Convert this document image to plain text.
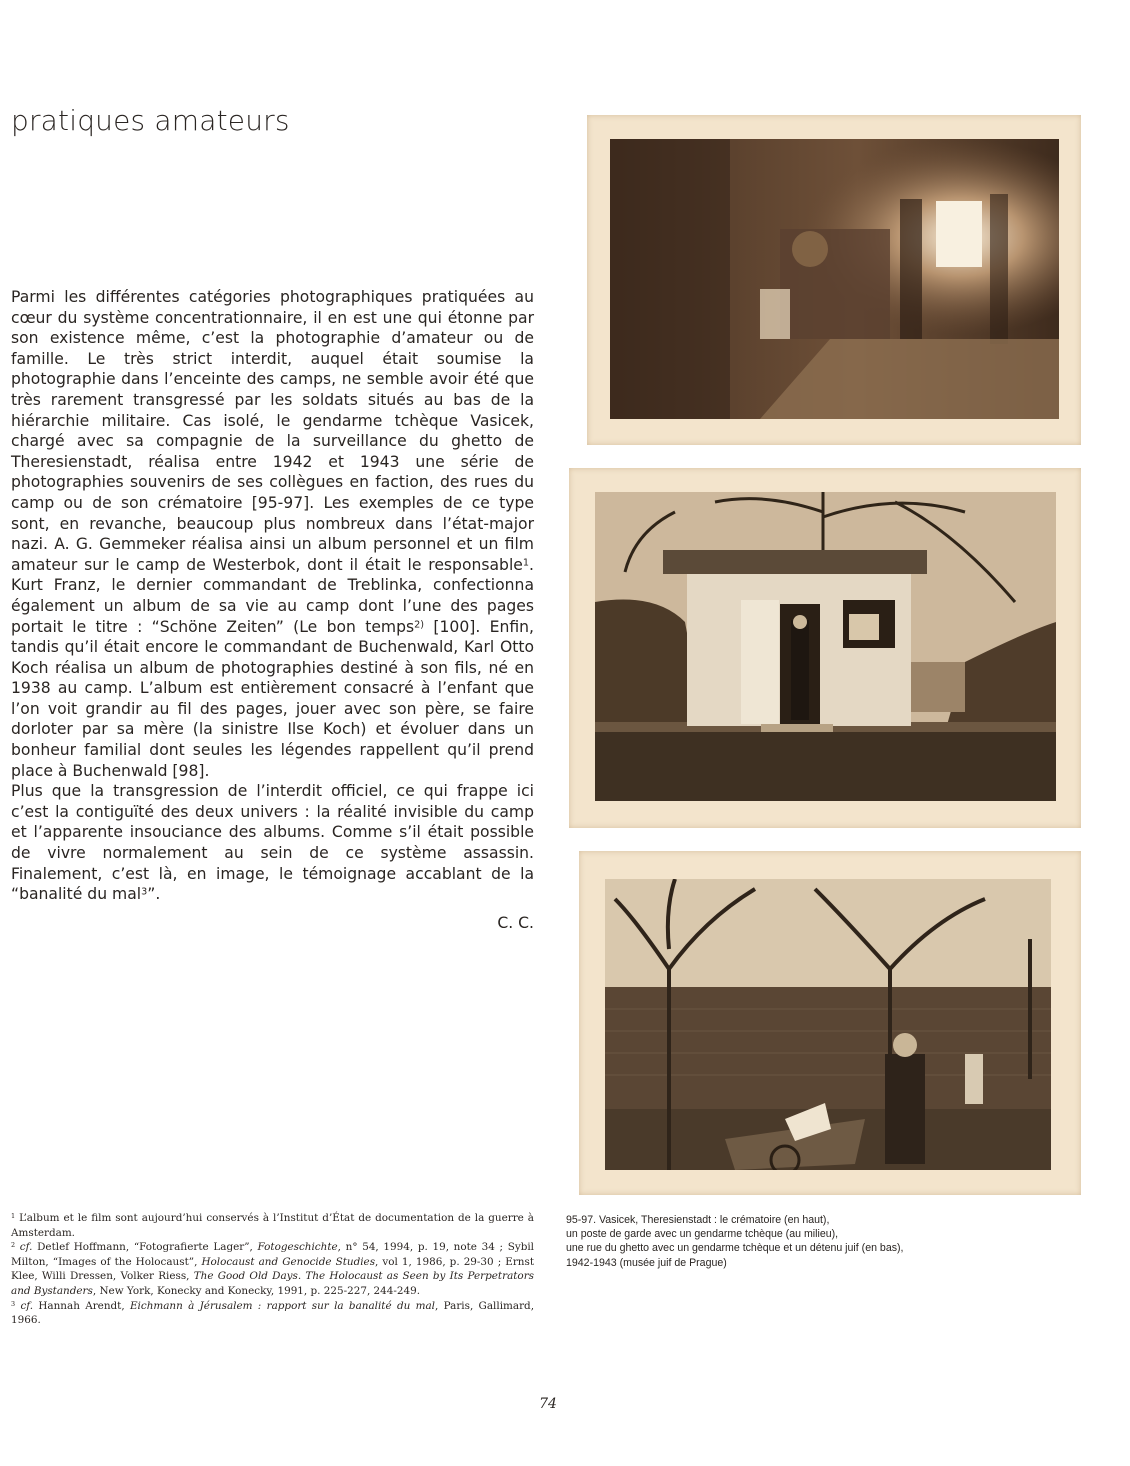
pratiques amateurs

Parmi les différentes catégories photographiques pratiquées au cœur du système concentrationnaire, il en est une qui étonne par son existence même, c’est la photographie d’amateur ou de famille. Le très strict interdit, auquel était soumise la photographie dans l’enceinte des camps, ne semble avoir été que très rarement transgressé par les soldats situés au bas de la hiérarchie militaire. Cas isolé, le gendarme tchèque Vasicek, chargé avec sa compagnie de la surveillance du ghetto de Theresienstadt, réalisa entre 1942 et 1943 une série de photographies souvenirs de ses collègues en faction, des rues du camp ou de son crématoire [95-97]. Les exemples de ce type sont, en revanche, beaucoup plus nombreux dans l’état-major nazi. A. G. Gemmeker réalisa ainsi un album personnel et un film amateur sur le camp de Westerbok, dont il était le responsable$^1$. Kurt Franz, le dernier commandant de Treblinka, confectionna également un album de sa vie au camp dont l’une des pages portait le titre : “Schöne Zeiten” (Le bon temps$^{2)}$ [100]. Enfin, tandis qu’il était encore le commandant de Buchenwald, Karl Otto Koch réalisa un album de photographies destiné à son fils, né en 1938 au camp. L’album est entièrement consacré à l’enfant que l’on voit grandir au fil des pages, jouer avec son père, se faire dorloter par sa mère (la sinistre Ilse Koch) et évoluer dans un bonheur familial dont seules les légendes rappellent qu’il prend place à Buchenwald [98].

Plus que la transgression de l’interdit officiel, ce qui frappe ici c’est la contiguïté des deux univers : la réalité invisible du camp et l’apparente insouciance des albums. Comme s’il était possible de vivre normalement au sein de ce système assassin. Finalement, c’est là, en image, le témoignage accablant de la “banalité du mal$^3$”.

C. C.

$^1$ L’album et le film sont aujourd’hui conservés à l’Institut d’État de documentation de la guerre à Amsterdam.

$^2$ cf. Detlef Hoffmann, “Fotografierte Lager”, Fotogeschichte, n° 54, 1994, p. 19, note 34 ; Sybil Milton, “Images of the Holocaust”, Holocaust and Genocide Studies, vol 1, 1986, p. 29-30 ; Ernst Klee, Willi Dressen, Volker Riess, The Good Old Days. The Holocaust as Seen by Its Perpetrators and Bystanders, New York, Konecky and Konecky, 1991, p. 225-227, 244-249.

$^3$ cf. Hannah Arendt, Eichmann à Jérusalem : rapport sur la banalité du mal, Paris, Gallimard, 1966.

95-97. Vasicek, Theresienstadt : le crématoire (en haut),
un poste de garde avec un gendarme tchèque (au milieu),
une rue du ghetto avec un gendarme tchèque et un détenu juif (en bas),
1942-1943 (musée juif de Prague)
74
